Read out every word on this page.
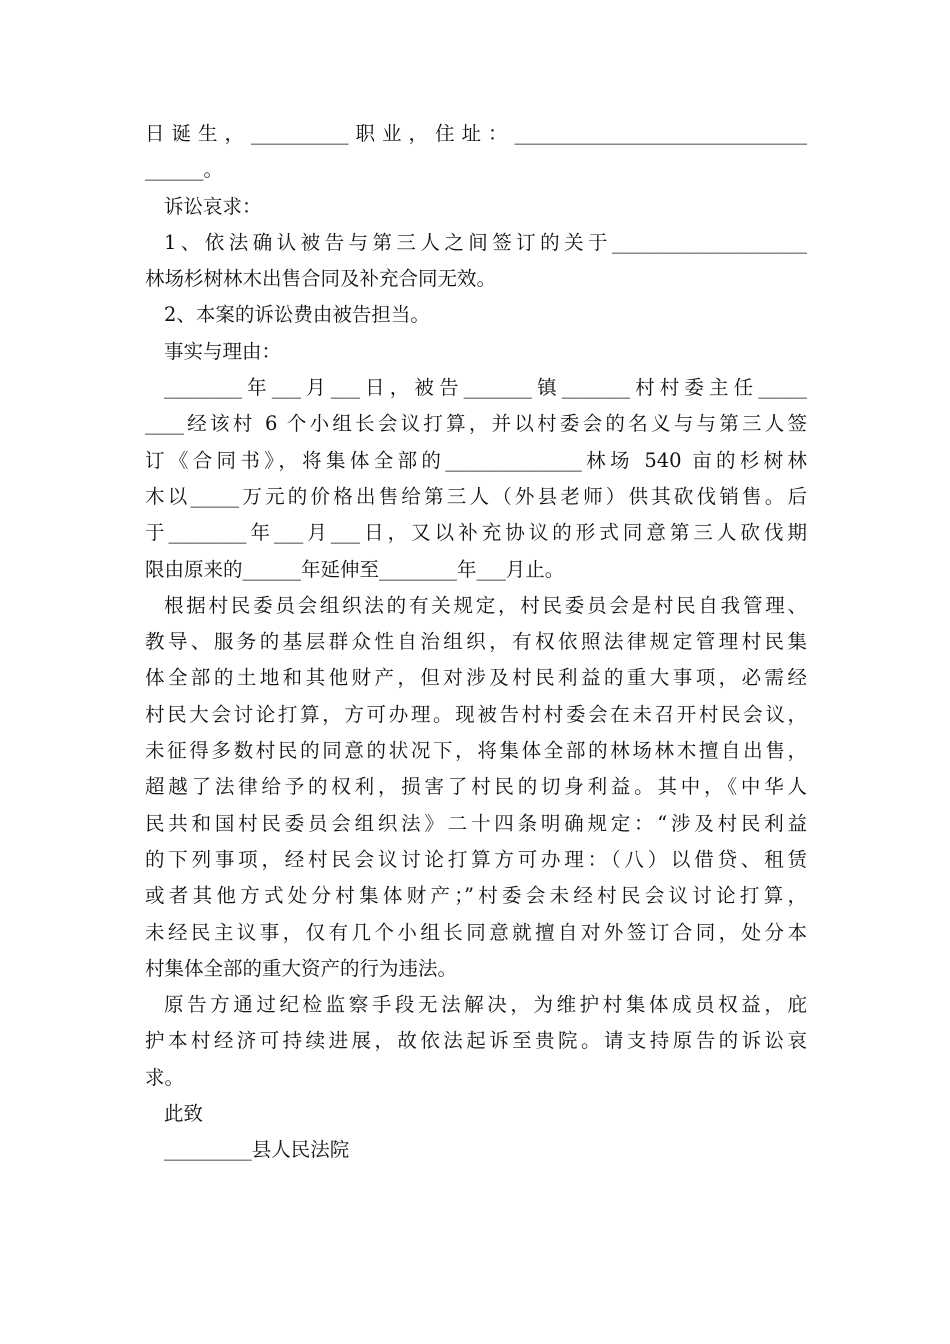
日诞生，__________职业，住址：______________________________
______。
诉讼哀求：
1、依法确认被告与第三人之间签订的关于____________________
林场杉树林木出售合同及补充合同无效。
2、本案的诉讼费由被告担当。
事实与理由：
________年___月___日，被告_______镇_______村村委主任_____
____经该村 6 个小组长会议打算，并以村委会的名义与与第三人签
订《合同书》，将集体全部的______________林场 540 亩的杉树林
木以_____万元的价格出售给第三人（外县老师）供其砍伐销售。后
于________年___月___日，又以补充协议的形式同意第三人砍伐期
限由原来的______年延伸至________年___月止。
根据村民委员会组织法的有关规定，村民委员会是村民自我管理、
教导、服务的基层群众性自治组织，有权依照法律规定管理村民集
体全部的土地和其他财产，但对涉及村民利益的重大事项，必需经
村民大会讨论打算，方可办理。现被告村村委会在未召开村民会议，
未征得多数村民的同意的状况下，将集体全部的林场林木擅自出售，
超越了法律给予的权利，损害了村民的切身利益。其中，《中华人
民共和国村民委员会组织法》二十四条明确规定：“涉及村民利益
的下列事项，经村民会议讨论打算方可办理：（八）以借贷、租赁
或者其他方式处分村集体财产；”村委会未经村民会议讨论打算，
未经民主议事，仅有几个小组长同意就擅自对外签订合同，处分本
村集体全部的重大资产的行为违法。
原告方通过纪检监察手段无法解决，为维护村集体成员权益，庇
护本村经济可持续进展，故依法起诉至贵院。请支持原告的诉讼哀
求。
此致
_________县人民法院
